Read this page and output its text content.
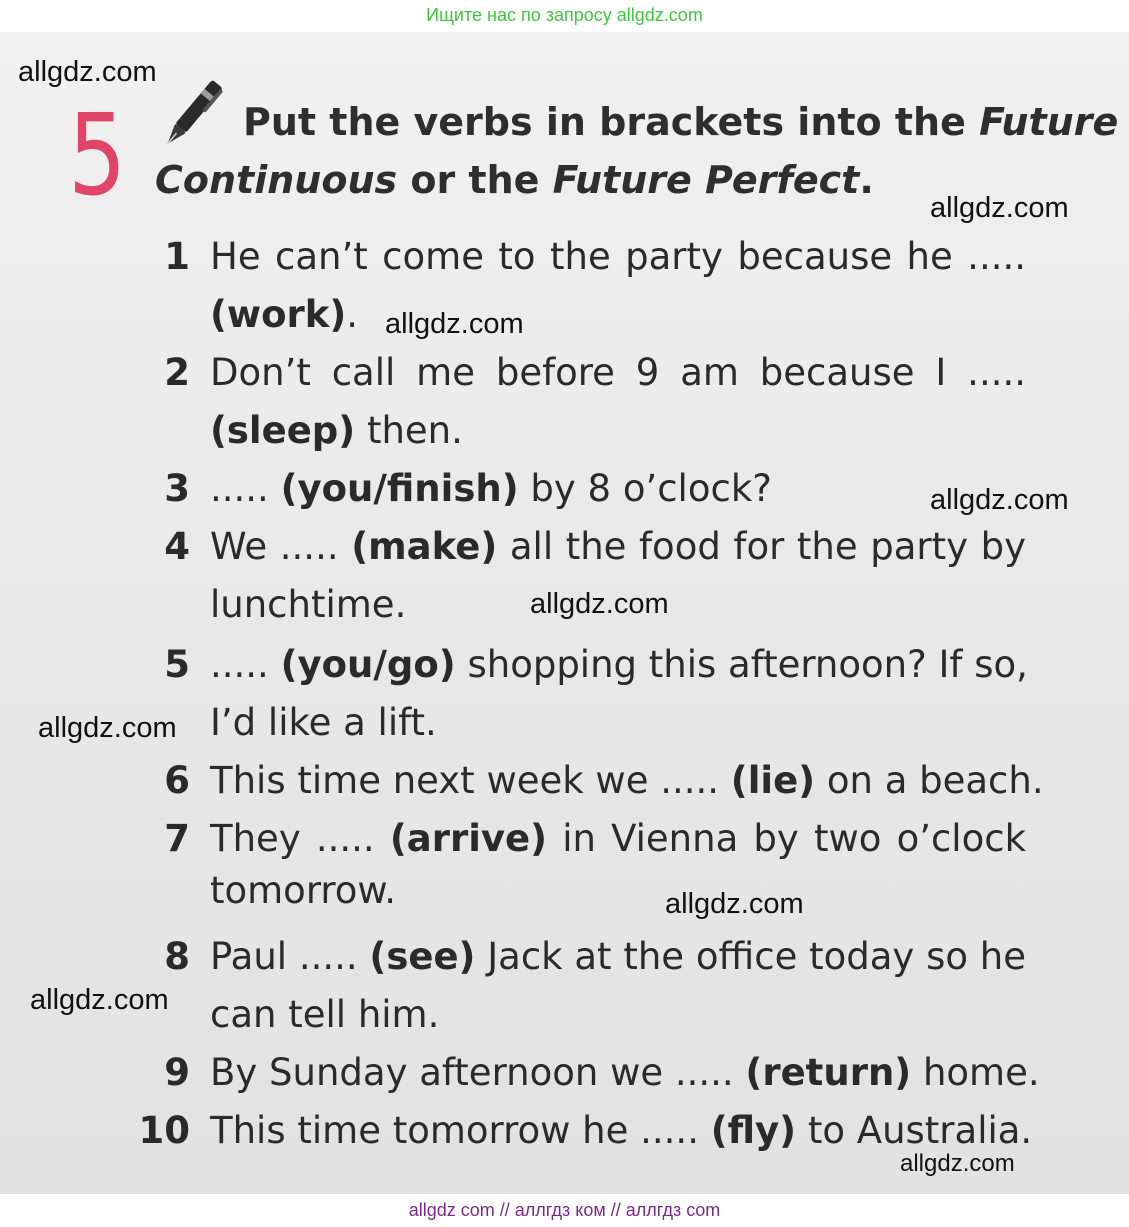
Ищите нас по запросу allgdz.com
allgdz.com
allgdz.com
allgdz.com
allgdz.com
allgdz.com
allgdz.com
allgdz.com
allgdz.com
allgdz.com
5	Put the verbs in brackets into the Future
Continuous or the Future Perfect.
1 He can’t come to the party because he .....
(work).
2 Don’t call me before 9 am because I .....
(sleep) then.
3 ..... (you/finish) by 8 o’clock?
4 We ..... (make) all the food for the party by
lunchtime.
5 ..... (you/go) shopping this afternoon? If so,
I’d like a lift.
6 This time next week we ..... (lie) on a beach.
7 They ..... (arrive) in Vienna by two o’clock
tomorrow.
8 Paul ..... (see) Jack at the office today so he
can tell him.
9 By Sunday afternoon we ..... (return) home.
10 This time tomorrow he ..... (fly) to Australia.
allgdz com // аллгдз ком // аллгдз com
